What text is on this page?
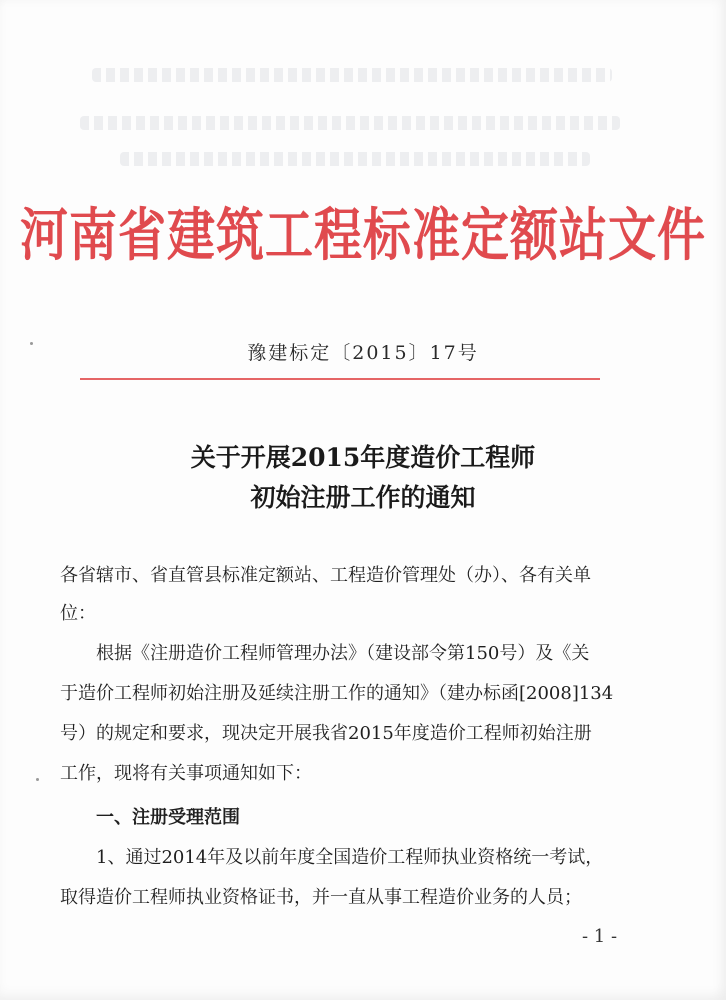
河南省建筑工程标准定额站文件
豫建标定〔2015〕17号
关于开展2015年度造价工程师
初始注册工作的通知
各省辖市、省直管县标准定额站、工程造价管理处（办）、各有关单
位：
根据《注册造价工程师管理办法》（建设部令第150号）及《关
于造价工程师初始注册及延续注册工作的通知》（建办标函[2008]134
号）的规定和要求，现决定开展我省2015年度造价工程师初始注册
工作，现将有关事项通知如下：
一、注册受理范围
1、通过2014年及以前年度全国造价工程师执业资格统一考试，
取得造价工程师执业资格证书，并一直从事工程造价业务的人员；
- 1 -
